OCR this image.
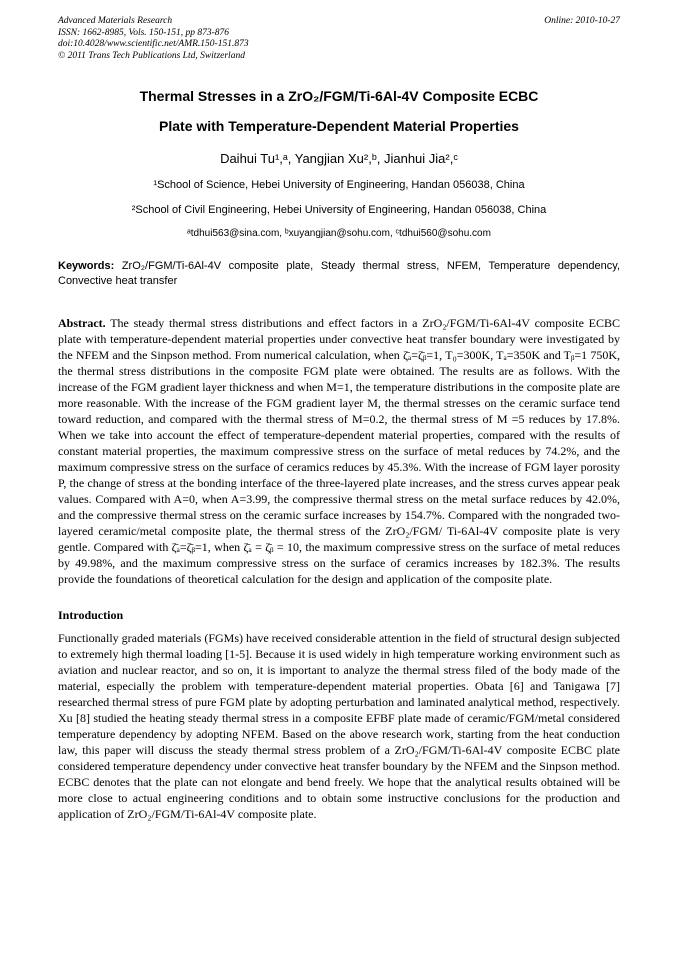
Advanced Materials Research
ISSN: 1662-8985, Vols. 150-151, pp 873-876
doi:10.4028/www.scientific.net/AMR.150-151.873
© 2011 Trans Tech Publications Ltd, Switzerland
Online: 2010-10-27
Thermal Stresses in a ZrO₂/FGM/Ti-6Al-4V Composite ECBC
Plate with Temperature-Dependent Material Properties
Daihui Tu¹,ᵃ, Yangjian Xu²,ᵇ, Jianhui Jia²,ᶜ
¹School of Science, Hebei University of Engineering, Handan 056038, China
²School of Civil Engineering, Hebei University of Engineering, Handan 056038, China
ᵃtdhui563@sina.com, ᵇxuyangjian@sohu.com, ᶜtdhui560@sohu.com

Keywords: ZrO₂/FGM/Ti-6Al-4V composite plate, Steady thermal stress, NFEM, Temperature dependency, Convective heat transfer

Abstract. The steady thermal stress distributions and effect factors in a ZrO₂/FGM/Ti-6Al-4V composite ECBC plate with temperature-dependent material properties under convective heat transfer boundary were investigated by the NFEM and the Sinpson method. From numerical calculation, when ζ̄ₐ=ζ̄ᵦ=1, T₀=300K, Tₐ=350K and Tᵦ=1 750K, the thermal stress distributions in the composite FGM plate were obtained. The results are as follows. With the increase of the FGM gradient layer thickness and when M=1, the temperature distributions in the composite plate are more reasonable. With the increase of the FGM gradient layer M, the thermal stresses on the ceramic surface tend toward reduction, and compared with the thermal stress of M=0.2, the thermal stress of M =5 reduces by 17.8%. When we take into account the effect of temperature-dependent material properties, compared with the results of constant material properties, the maximum compressive stress on the surface of metal reduces by 74.2%, and the maximum compressive stress on the surface of ceramics reduces by 45.3%. With the increase of FGM layer porosity P, the change of stress at the bonding interface of the three-layered plate increases, and the stress curves appear peak values. Compared with A=0, when A=3.99, the compressive thermal stress on the metal surface reduces by 42.0%, and the compressive thermal stress on the ceramic surface increases by 154.7%. Compared with the nongraded two-layered ceramic/metal composite plate, the thermal stress of the ZrO₂/FGM/ Ti-6Al-4V composite plate is very gentle. Compared with ζ̄ₐ=ζ̄ᵦ=1, when ζ̄ₐ = ζ̄ᵦ = 10, the maximum compressive stress on the surface of metal reduces by 49.98%, and the maximum compressive stress on the surface of ceramics increases by 182.3%. The results provide the foundations of theoretical calculation for the design and application of the composite plate.

Introduction

Functionally graded materials (FGMs) have received considerable attention in the field of structural design subjected to extremely high thermal loading [1-5]. Because it is used widely in high temperature working environment such as aviation and nuclear reactor, and so on, it is important to analyze the thermal stress filed of the body made of the material, especially the problem with temperature-dependent material properties. Obata [6] and Tanigawa [7] researched thermal stress of pure FGM plate by adopting perturbation and laminated analytical method, respectively. Xu [8] studied the heating steady thermal stress in a composite EFBF plate made of ceramic/FGM/metal considered temperature dependency by adopting NFEM. Based on the above research work, starting from the heat conduction law, this paper will discuss the steady thermal stress problem of a ZrO₂/FGM/Ti-6Al-4V composite ECBC plate considered temperature dependency under convective heat transfer boundary by the NFEM and the Sinpson method. ECBC denotes that the plate can not elongate and bend freely. We hope that the analytical results obtained will be more close to actual engineering conditions and to obtain some instructive conclusions for the production and application of ZrO₂/FGM/Ti-6Al-4V composite plate.
